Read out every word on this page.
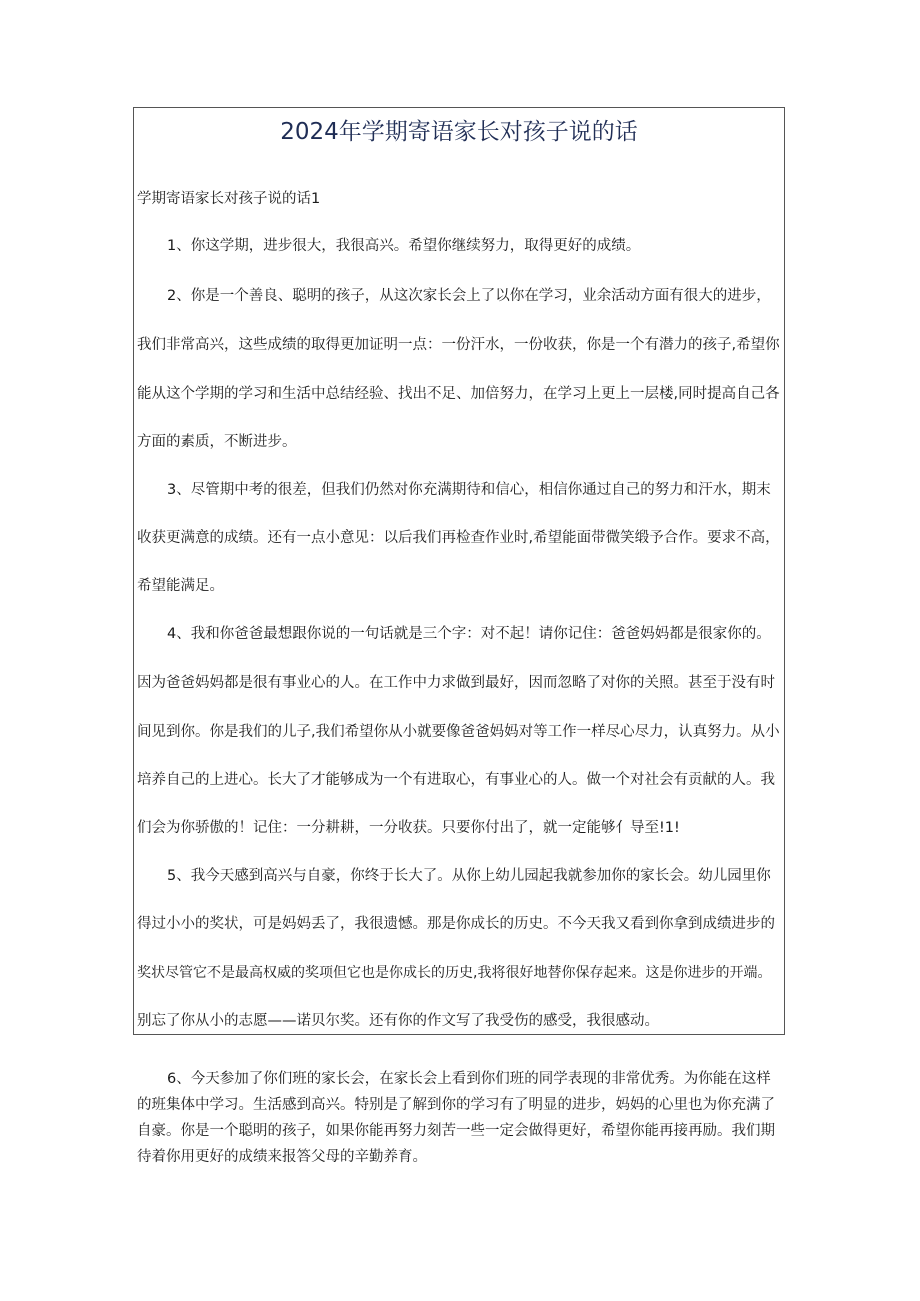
2024年学期寄语家长对孩子说的话

学期寄语家长对孩子说的话1

1、你这学期，进步很大，我很高兴。希望你继续努力，取得更好的成绩。

2、你是一个善良、聪明的孩子，从这次家长会上了以你在学习，业余活动方面有很大的进步，

我们非常高兴，这些成绩的取得更加证明一点：一份汗水，一份收获，你是一个有潜力的孩子,希望你

能从这个学期的学习和生活中总结经验、找出不足、加倍努力，在学习上更上一层楼,同时提高自己各

方面的素质，不断进步。

3、尽管期中考的很差，但我们仍然对你充满期待和信心，相信你通过自己的努力和汗水，期末

收获更满意的成绩。还有一点小意见：以后我们再检查作业时,希望能面带微笑缎予合作。要求不高，

希望能满足。

4、我和你爸爸最想跟你说的一句话就是三个字：对不起！请你记住：爸爸妈妈都是很家你的。

因为爸爸妈妈都是很有事业心的人。在工作中力求做到最好，因而忽略了对你的关照。甚至于没有时

间见到你。你是我们的儿子,我们希望你从小就要像爸爸妈妈对等工作一样尽心尽力，认真努力。从小

培养自己的上进心。长大了才能够成为一个有进取心，有事业心的人。做一个对社会有贡献的人。我

们会为你骄傲的！记住：一分耕耕，一分收获。只要你付出了，就一定能够亻导至!1!

5、我今天感到高兴与自豪，你终于长大了。从你上幼儿园起我就参加你的家长会。幼儿园里你

得过小小的奖状，可是妈妈丢了，我很遗憾。那是你成长的历史。不今天我又看到你拿到成绩进步的

奖状尽管它不是最高权威的奖项但它也是你成长的历史,我将很好地替你保存起来。这是你进步的开端。

别忘了你从小的志愿——诺贝尔奖。还有你的作文写了我受伤的感受，我很感动。

6、今天参加了你们班的家长会，在家长会上看到你们班的同学表现的非常优秀。为你能在这样

的班集体中学习。生活感到高兴。特别是了解到你的学习有了明显的进步，妈妈的心里也为你充满了

自豪。你是一个聪明的孩子，如果你能再努力刻苦一些一定会做得更好，希望你能再接再励。我们期

待着你用更好的成绩来报答父母的辛勤养育。
